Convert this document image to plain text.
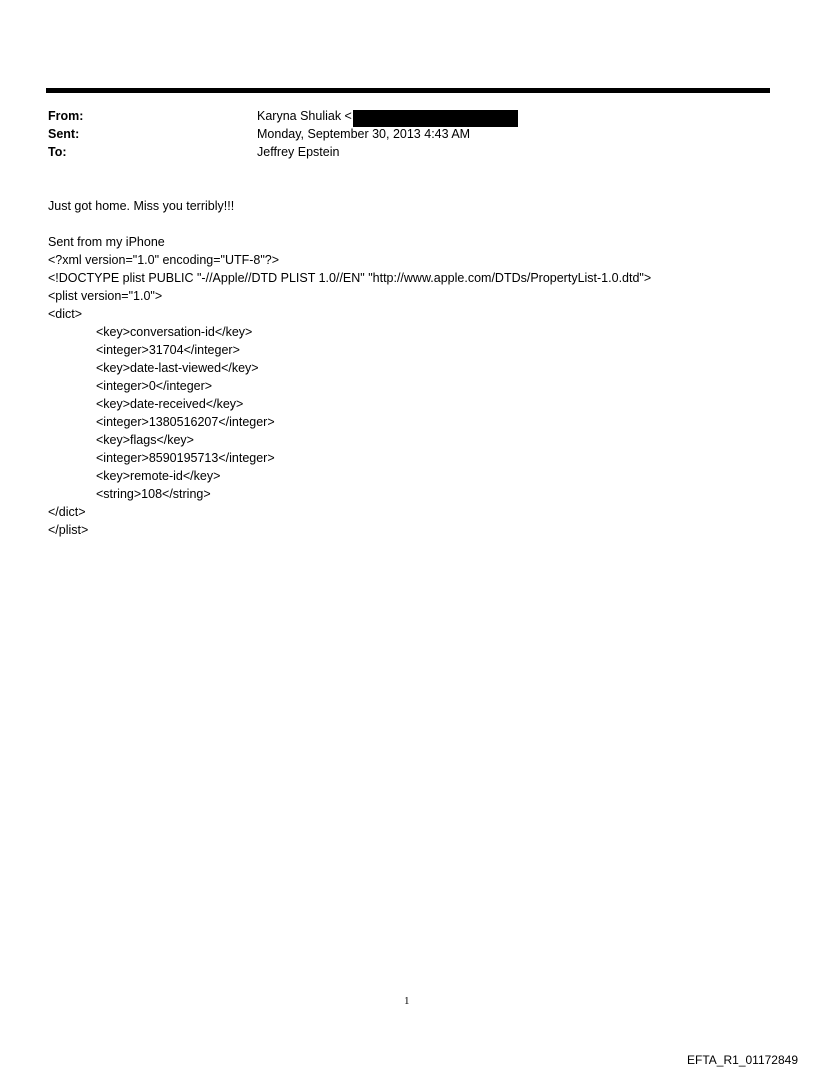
From:	Karyna Shuliak <
Sent:	Monday, September 30, 2013 4:43 AM
To:	Jeffrey Epstein
Just got home. Miss you terribly!!!
Sent from my iPhone
<?xml version="1.0" encoding="UTF-8"?>
<!DOCTYPE plist PUBLIC "-//Apple//DTD PLIST 1.0//EN" "http://www.apple.com/DTDs/PropertyList-1.0.dtd">
<plist version="1.0">
<dict>
<key>conversation-id</key>
<integer>31704</integer>
<key>date-last-viewed</key>
<integer>0</integer>
<key>date-received</key>
<integer>1380516207</integer>
<key>flags</key>
<integer>8590195713</integer>
<key>remote-id</key>
<string>108</string>
</dict>
</plist>
1
EFTA_R1_01172849
